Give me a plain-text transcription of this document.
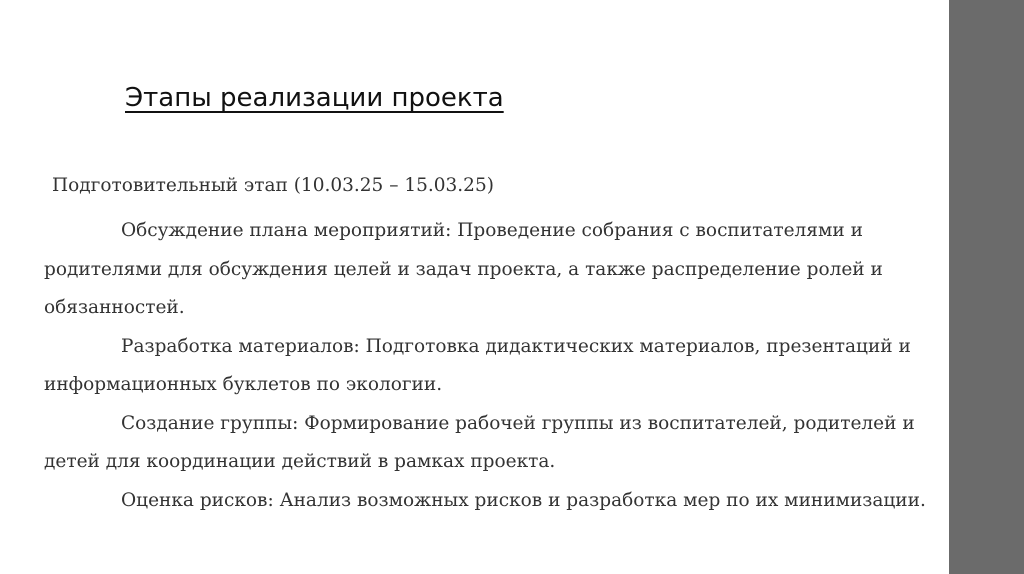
Этапы реализации проекта
Подготовительный этап (10.03.25 – 15.03.25)

Обсуждение плана мероприятий: Проведение собрания с воспитателями и родителями для обсуждения целей и задач проекта, а также распределение ролей и обязанностей.

Разработка материалов: Подготовка дидактических материалов, презентаций и информационных буклетов по экологии.

Создание группы: Формирование рабочей группы из воспитателей, родителей и детей для координации действий в рамках проекта.

Оценка рисков: Анализ возможных рисков и разработка мер по их минимизации.
